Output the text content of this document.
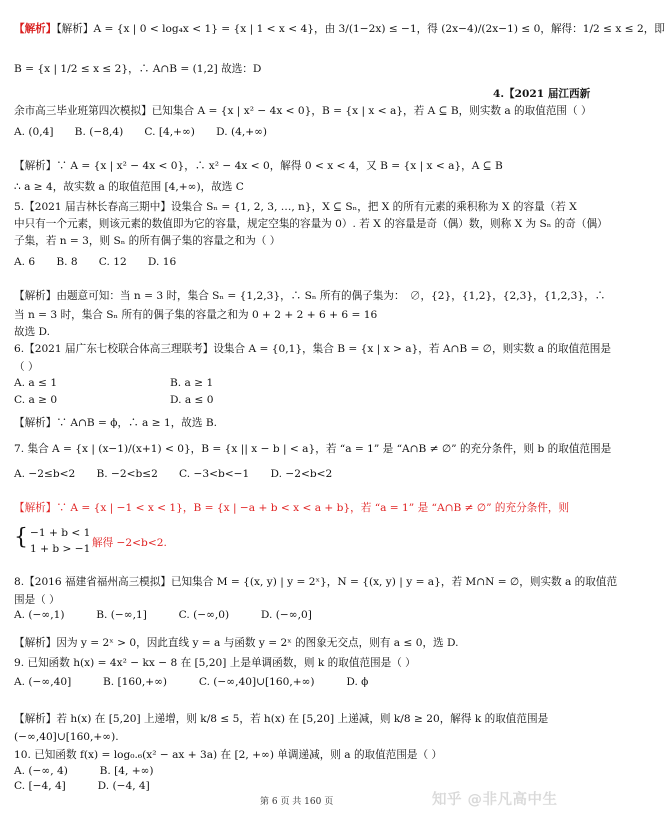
【解析】【解析】A = {x | 0 < log₄x < 1} = {x | 1 < x < 4}，由 3/(1−2x) ≤ −1，得 (2x−4)/(2x−1) ≤ 0，解得：1/2 ≤ x ≤ 2，即
B = {x | 1/2 ≤ x ≤ 2}，∴ A∩B = (1,2] 故选：D
4.【2021 届江西新
余市高三毕业班第四次模拟】已知集合 A = {x | x² − 4x < 0}，B = {x | x < a}，若 A ⊆ B，则实数 a 的取值范围（ ）
A. (0,4]　　B. (−8,4)　　C. [4,+∞)　　D. (4,+∞)
【解析】∵ A = {x | x² − 4x < 0}，∴ x² − 4x < 0，解得 0 < x < 4，又 B = {x | x < a}，A ⊆ B
∴ a ≥ 4，故实数 a 的取值范围 [4,+∞)，故选 C
5.【2021 届吉林长春高三期中】设集合 Sₙ = {1, 2, 3, …, n}，X ⊆ Sₙ，把 X 的所有元素的乘积称为 X 的容量（若 X
中只有一个元素，则该元素的数值即为它的容量，规定空集的容量为 0）. 若 X 的容量是奇（偶）数，则称 X 为 Sₙ 的奇（偶）
子集，若 n = 3，则 Sₙ 的所有偶子集的容量之和为（ ）
A. 6　　B. 8　　C. 12　　D. 16
【解析】由题意可知：当 n = 3 时，集合 Sₙ = {1,2,3}，∴ Sₙ 所有的偶子集为：　∅，{2}，{1,2}，{2,3}，{1,2,3}，∴
当 n = 3 时，集合 Sₙ 所有的偶子集的容量之和为 0 + 2 + 2 + 6 + 6 = 16
故选 D.
6.【2021 届广东七校联合体高三理联考】设集合 A = {0,1}，集合 B = {x | x > a}，若 A∩B = ∅，则实数 a 的取值范围是
（ ）
A. a ≤ 1	B. a ≥ 1
C. a ≥ 0	D. a ≤ 0
【解析】∵ A∩B = ϕ，∴ a ≥ 1，故选 B.
7. 集合 A = {x | (x−1)/(x+1) < 0}，B = {x || x − b | < a}，若 “a = 1” 是 “A∩B ≠ ∅” 的充分条件，则 b 的取值范围是
A. −2≤b<2　　B. −2<b≤2　　C. −3<b<−1　　D. −2<b<2
【解析】∵ A = {x | −1 < x < 1}，B = {x | −a + b < x < a + b}，若 “a = 1” 是 “A∩B ≠ ∅” 的充分条件，则
{ −1 + b < 1
1 + b > −1 解得 −2<b<2.
8.【2016 福建省福州高三模拟】已知集合 M = {(x, y) | y = 2ˣ}，N = {(x, y) | y = a}，若 M∩N = ∅，则实数 a 的取值范
围是（ ）
A. (−∞,1)　　　B. (−∞,1]　　　C. (−∞,0)　　　D. (−∞,0]
【解析】因为 y = 2ˣ > 0，因此直线 y = a 与函数 y = 2ˣ 的图象无交点，则有 a ≤ 0，选 D.
9. 已知函数 h(x) = 4x² − kx − 8 在 [5,20] 上是单调函数，则 k 的取值范围是（ ）
A. (−∞,40]　　　B. [160,+∞)　　　C. (−∞,40]∪[160,+∞)　　　D. ϕ
【解析】若 h(x) 在 [5,20] 上递增，则 k/8 ≤ 5，若 h(x) 在 [5,20] 上递减，则 k/8 ≥ 20，解得 k 的取值范围是
(−∞,40]∪[160,+∞).
10. 已知函数 f(x) = log₀.₆(x² − ax + 3a) 在 [2, +∞) 单调递减，则 a 的取值范围是（ ）
A. (−∞, 4)　　　B. [4, +∞)
C. [−4, 4]　　　D. (−4, 4]
第 6 页 共 160 页	知乎 @非凡高中生
